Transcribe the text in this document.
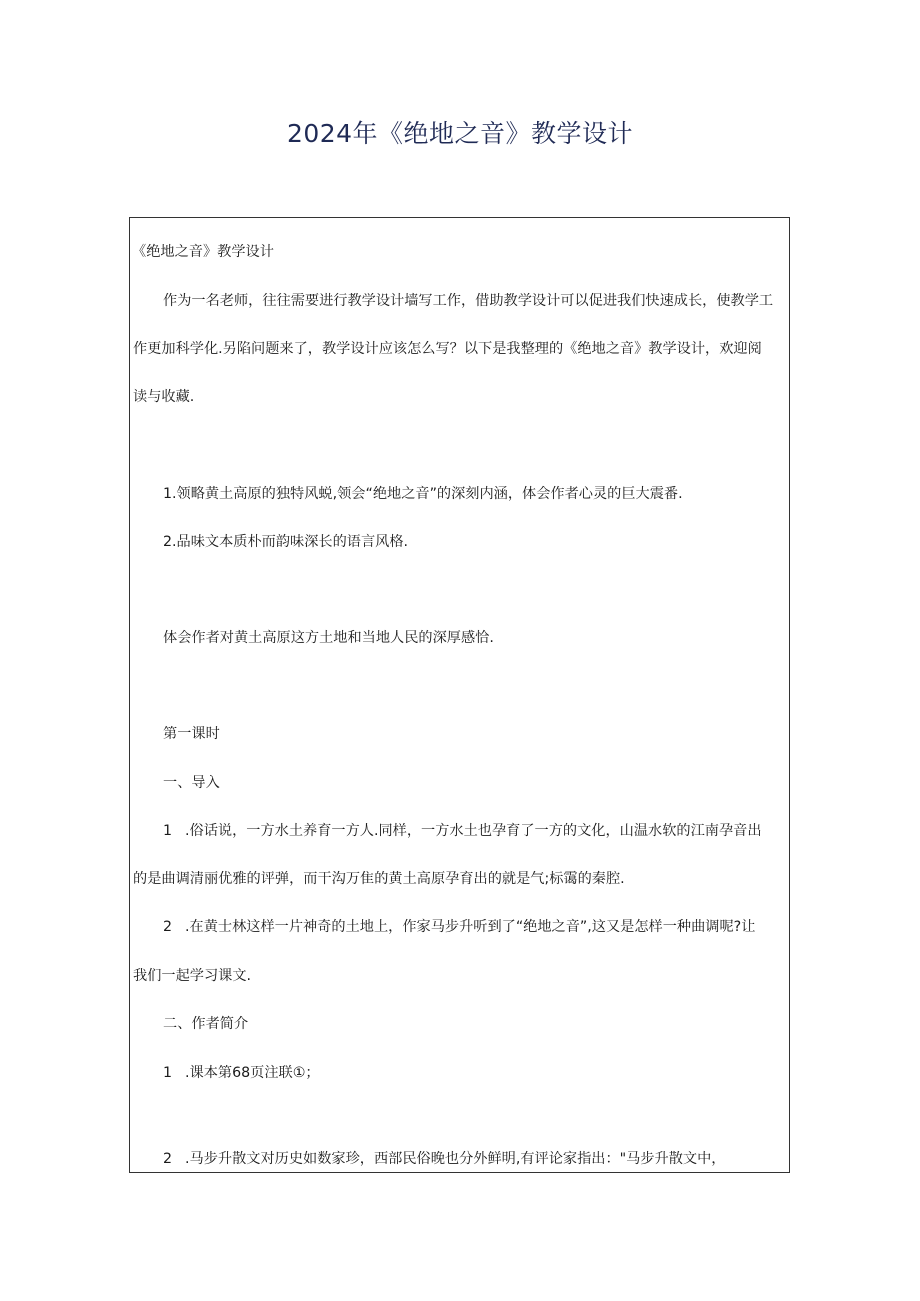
2024年《绝地之音》教学设计
《绝地之音》教学设计
作为一名老师，往往需要进行教学设计墙写工作，借助教学设计可以促进我们快速成长，使教学工
作更加科学化.另陷问题来了，教学设计应该怎么写？以下是我整理的《绝地之音》教学设计，欢迎阅
读与收藏.
1.领略黄土高原的独特风蜕,领会“绝地之音”的深刻内涵，体会作者心灵的巨大震番.
2.品味文本质朴而韵味深长的语言风格.
体会作者对黄土高原这方土地和当地人民的深厚感恰.
第一课时
一、导入
1 .俗话说，一方水土养育一方人.同样，一方水土也孕育了一方的文化，山温水软的江南孕音出
的是曲调清丽优雅的评弹，而干沟万隹的黄土高原孕育出的就是气;标霭的秦腔.
2 .在黄士林这样一片神奇的土地上，作家马步升听到了“绝地之音”,这又是怎样一种曲调呢?让
我们一起学习课文.
二、作者简介
1 .课本第68页注联①；
2 .马步升散文对历史如数家珍，西部民俗晚也分外鲜明,有评论家指出："马步升散文中，
